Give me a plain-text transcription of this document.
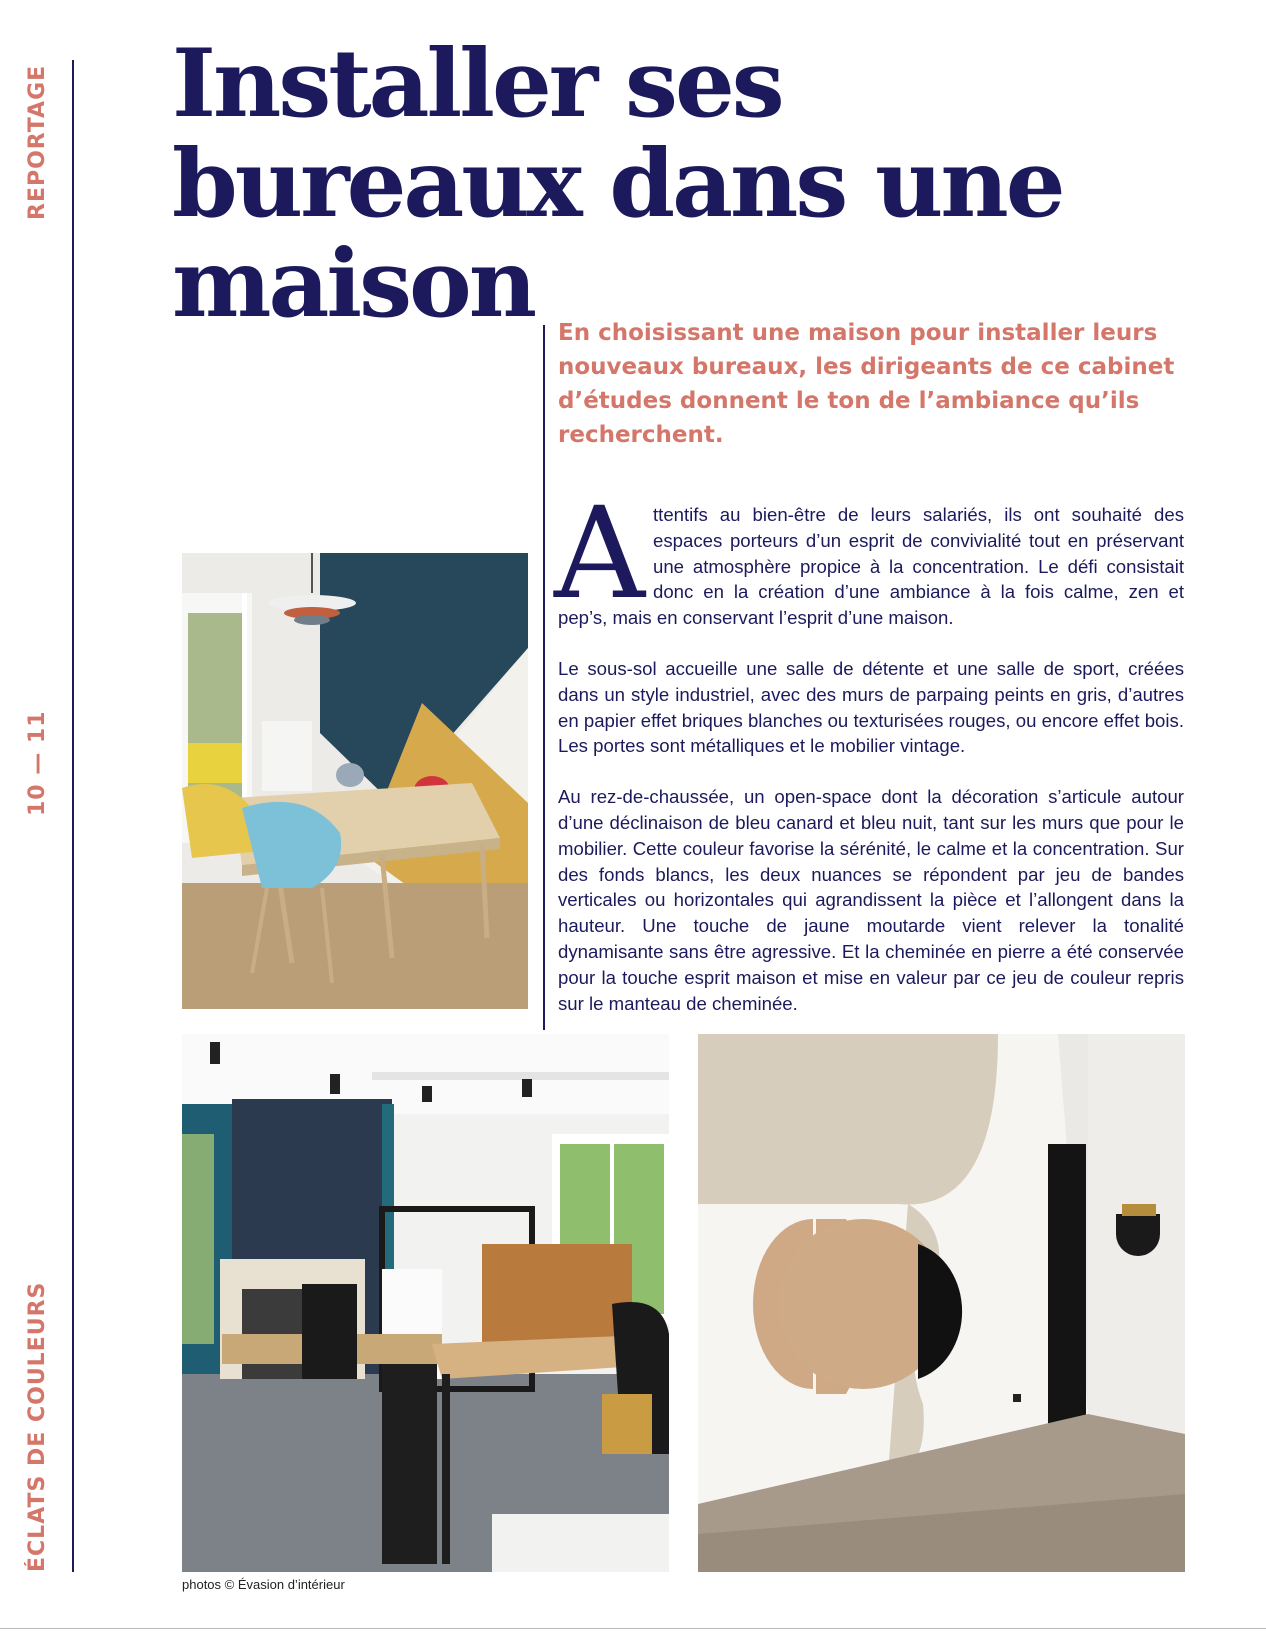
REPORTAGE
10 — 11
ÉCLATS DE COULEURS
Installer ses bureaux dans une maison	En choisissant une maison pour installer leurs nouveaux bureaux, les dirigeants de ce cabinet d’études donnent le ton de l’ambiance qu’ils recherchent.

Attentifs au bien-être de leurs salariés, ils ont souhaité des espaces porteurs d’un esprit de convivialité tout en préservant une atmosphère propice à la concentration. Le défi consistait donc en la création d’une ambiance à la fois calme, zen et pep’s, mais en conservant l’esprit d’une maison.

Le sous-sol accueille une salle de détente et une salle de sport, créées dans un style industriel, avec des murs de parpaing peints en gris, d’autres en papier effet briques blanches ou texturisées rouges, ou encore effet bois. Les portes sont métalliques et le mobilier vintage.

Au rez-de-chaussée, un open-space dont la décoration s’articule autour d’une déclinaison de bleu canard et bleu nuit, tant sur les murs que pour le mobilier. Cette couleur favorise la sérénité, le calme et la concentration. Sur des fonds blancs, les deux nuances se répondent par jeu de bandes verticales ou horizontales qui agrandissent la pièce et l’allongent dans la hauteur. Une touche de jaune moutarde vient relever la tonalité dynamisante sans être agressive. Et la cheminée en pierre a été conservée pour la touche esprit maison et mise en valeur par ce jeu de couleur repris sur le manteau de cheminée.

photos © Évasion d’intérieur
